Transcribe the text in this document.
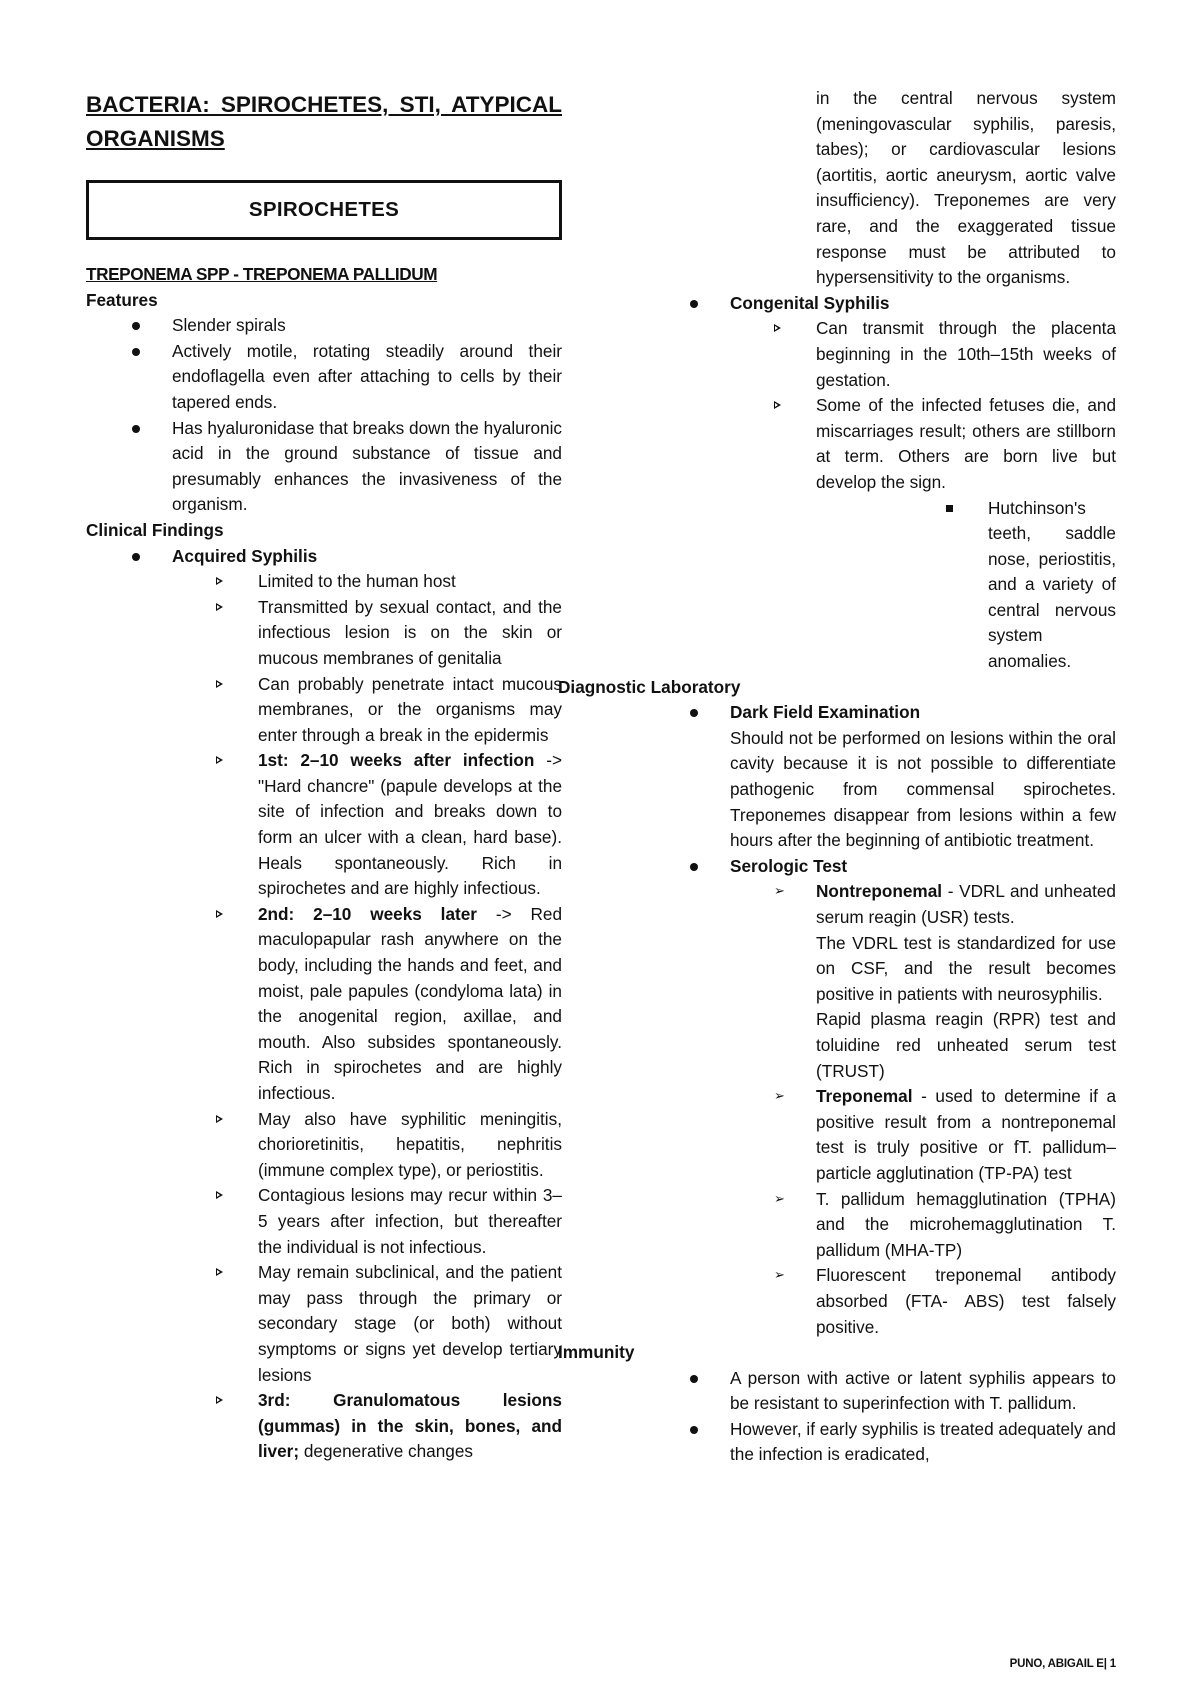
BACTERIA: SPIROCHETES, STI, ATYPICAL ORGANISMS
SPIROCHETES
TREPONEMA SPP - TREPONEMA PALLIDUM
Features
Slender spirals
Actively motile, rotating steadily around their endoflagella even after attaching to cells by their tapered ends.
Has hyaluronidase that breaks down the hyaluronic acid in the ground substance of tissue and presumably enhances the invasiveness of the organism.
Clinical Findings
Acquired Syphilis
Limited to the human host
Transmitted by sexual contact, and the infectious lesion is on the skin or mucous membranes of genitalia
Can probably penetrate intact mucous membranes, or the organisms may enter through a break in the epidermis
1st: 2–10 weeks after infection -> "Hard chancre" (papule develops at the site of infection and breaks down to form an ulcer with a clean, hard base). Heals spontaneously. Rich in spirochetes and are highly infectious.
2nd: 2–10 weeks later -> Red maculopapular rash anywhere on the body, including the hands and feet, and moist, pale papules (condyloma lata) in the anogenital region, axillae, and mouth. Also subsides spontaneously. Rich in spirochetes and are highly infectious.
May also have syphilitic meningitis, chorioretinitis, hepatitis, nephritis (immune complex type), or periostitis.
Contagious lesions may recur within 3–5 years after infection, but thereafter the individual is not infectious.
May remain subclinical, and the patient may pass through the primary or secondary stage (or both) without symptoms or signs yet develop tertiary lesions
3rd: Granulomatous lesions (gummas) in the skin, bones, and liver; degenerative changes
in the central nervous system (meningovascular syphilis, paresis, tabes); or cardiovascular lesions (aortitis, aortic aneurysm, aortic valve insufficiency). Treponemes are very rare, and the exaggerated tissue response must be attributed to hypersensitivity to the organisms.
Congenital Syphilis
Can transmit through the placenta beginning in the 10th–15th weeks of gestation.
Some of the infected fetuses die, and miscarriages result; others are stillborn at term. Others are born live but develop the sign.
Hutchinson's teeth, saddle nose, periostitis, and a variety of central nervous system anomalies.
Diagnostic Laboratory
Dark Field Examination
Should not be performed on lesions within the oral cavity because it is not possible to differentiate pathogenic from commensal spirochetes. Treponemes disappear from lesions within a few hours after the beginning of antibiotic treatment.
Serologic Test
➢ Nontreponemal - VDRL and unheated serum reagin (USR) tests.
The VDRL test is standardized for use on CSF, and the result becomes positive in patients with neurosyphilis.
Rapid plasma reagin (RPR) test and toluidine red unheated serum test (TRUST)
➢ Treponemal - used to determine if a positive result from a nontreponemal test is truly positive or fT. pallidum–particle agglutination (TP-PA) test
➢ T. pallidum hemagglutination (TPHA) and the microhemagglutination T. pallidum (MHA-TP)
➢ Fluorescent treponemal antibody absorbed (FTA- ABS) test falsely positive.
Immunity
A person with active or latent syphilis appears to be resistant to superinfection with T. pallidum.
However, if early syphilis is treated adequately and the infection is eradicated,
PUNO, ABIGAIL E| 1
